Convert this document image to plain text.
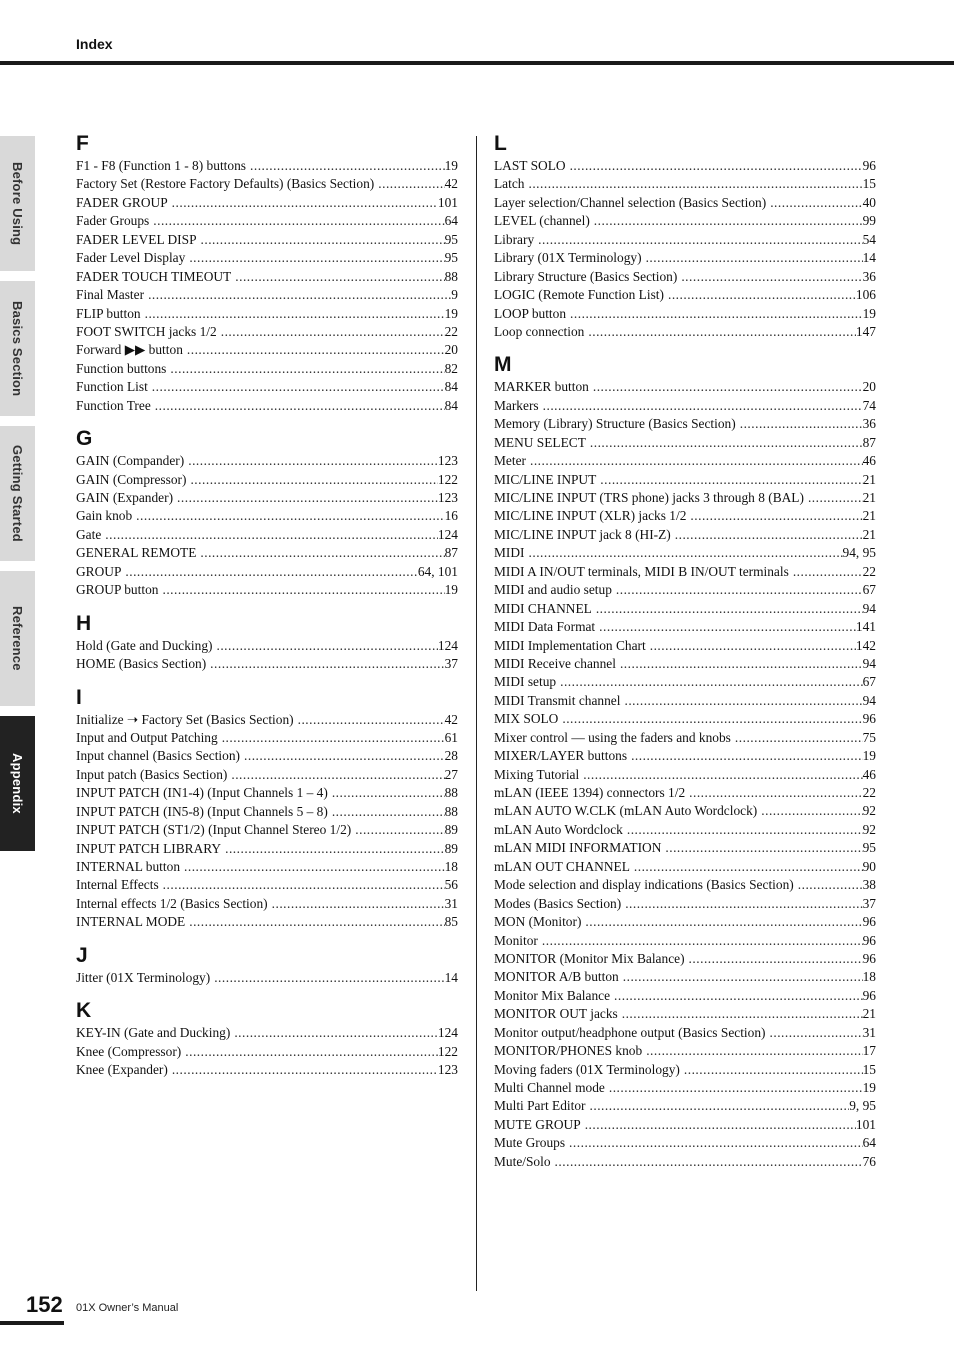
Index
Before Using
Basics Section
Getting Started
Reference
Appendix
F
F1 - F8 (Function 1 - 8) buttons .....	19
Factory Set (Restore Factory Defaults) (Basics Section) .....	42
FADER GROUP .....	101
Fader Groups .....	64
FADER LEVEL DISP .....	95
Fader Level Display .....	95
FADER TOUCH TIMEOUT .....	88
Final Master .....	9
FLIP button .....	19
FOOT SWITCH jacks 1/2 .....	22
Forward ▶▶ button .....	20
Function buttons .....	82
Function List .....	84
Function Tree .....	84
G
GAIN (Compander) .....	123
GAIN (Compressor) .....	122
GAIN (Expander) .....	123
Gain knob .....	16
Gate .....	124
GENERAL REMOTE .....	87
GROUP .....	64, 101
GROUP button .....	19
H
Hold (Gate and Ducking) .....	124
HOME (Basics Section) .....	37
I
Initialize ➝ Factory Set (Basics Section) .....	42
Input and Output Patching .....	61
Input channel (Basics Section) .....	28
Input patch (Basics Section) .....	27
INPUT PATCH (IN1-4) (Input Channels 1 – 4) .....	88
INPUT PATCH (IN5-8) (Input Channels 5 – 8) .....	88
INPUT PATCH (ST1/2) (Input Channel Stereo 1/2) .....	89
INPUT PATCH LIBRARY .....	89
INTERNAL button .....	18
Internal Effects .....	56
Internal effects 1/2 (Basics Section) .....	31
INTERNAL MODE .....	85
J
Jitter (01X Terminology) .....	14
K
KEY-IN (Gate and Ducking) .....	124
Knee (Compressor) .....	122
Knee (Expander) .....	123
L
LAST SOLO .....	96
Latch .....	15
Layer selection/Channel selection (Basics Section) .....	40
LEVEL (channel) .....	99
Library .....	54
Library (01X Terminology) .....	14
Library Structure (Basics Section) .....	36
LOGIC (Remote Function List) .....	106
LOOP button .....	19
Loop connection .....	147
M
MARKER button .....	20
Markers .....	74
Memory (Library) Structure (Basics Section) .....	36
MENU SELECT .....	87
Meter .....	46
MIC/LINE INPUT .....	21
MIC/LINE INPUT (TRS phone) jacks 3 through 8 (BAL) .....	21
MIC/LINE INPUT (XLR) jacks 1/2 .....	21
MIC/LINE INPUT jack 8 (HI-Z) .....	21
MIDI .....	94, 95
MIDI A IN/OUT terminals, MIDI B IN/OUT terminals .....	22
MIDI and audio setup .....	67
MIDI CHANNEL .....	94
MIDI Data Format .....	141
MIDI Implementation Chart .....	142
MIDI Receive channel .....	94
MIDI setup .....	67
MIDI Transmit channel .....	94
MIX SOLO .....	96
Mixer control — using the faders and knobs .....	75
MIXER/LAYER buttons .....	19
Mixing Tutorial .....	46
mLAN (IEEE 1394) connectors 1/2 .....	22
mLAN AUTO W.CLK (mLAN Auto Wordclock) .....	92
mLAN Auto Wordclock .....	92
mLAN MIDI INFORMATION .....	95
mLAN OUT CHANNEL .....	90
Mode selection and display indications (Basics Section) .....	38
Modes (Basics Section) .....	37
MON (Monitor) .....	96
Monitor .....	96
MONITOR (Monitor Mix Balance) .....	96
MONITOR A/B button .....	18
Monitor Mix Balance .....	96
MONITOR OUT jacks .....	21
Monitor output/headphone output (Basics Section) .....	31
MONITOR/PHONES knob .....	17
Moving faders (01X Terminology) .....	15
Multi Channel mode .....	19
Multi Part Editor .....	9, 95
MUTE GROUP .....	101
Mute Groups .....	64
Mute/Solo .....	76
152 01X Owner’s Manual
